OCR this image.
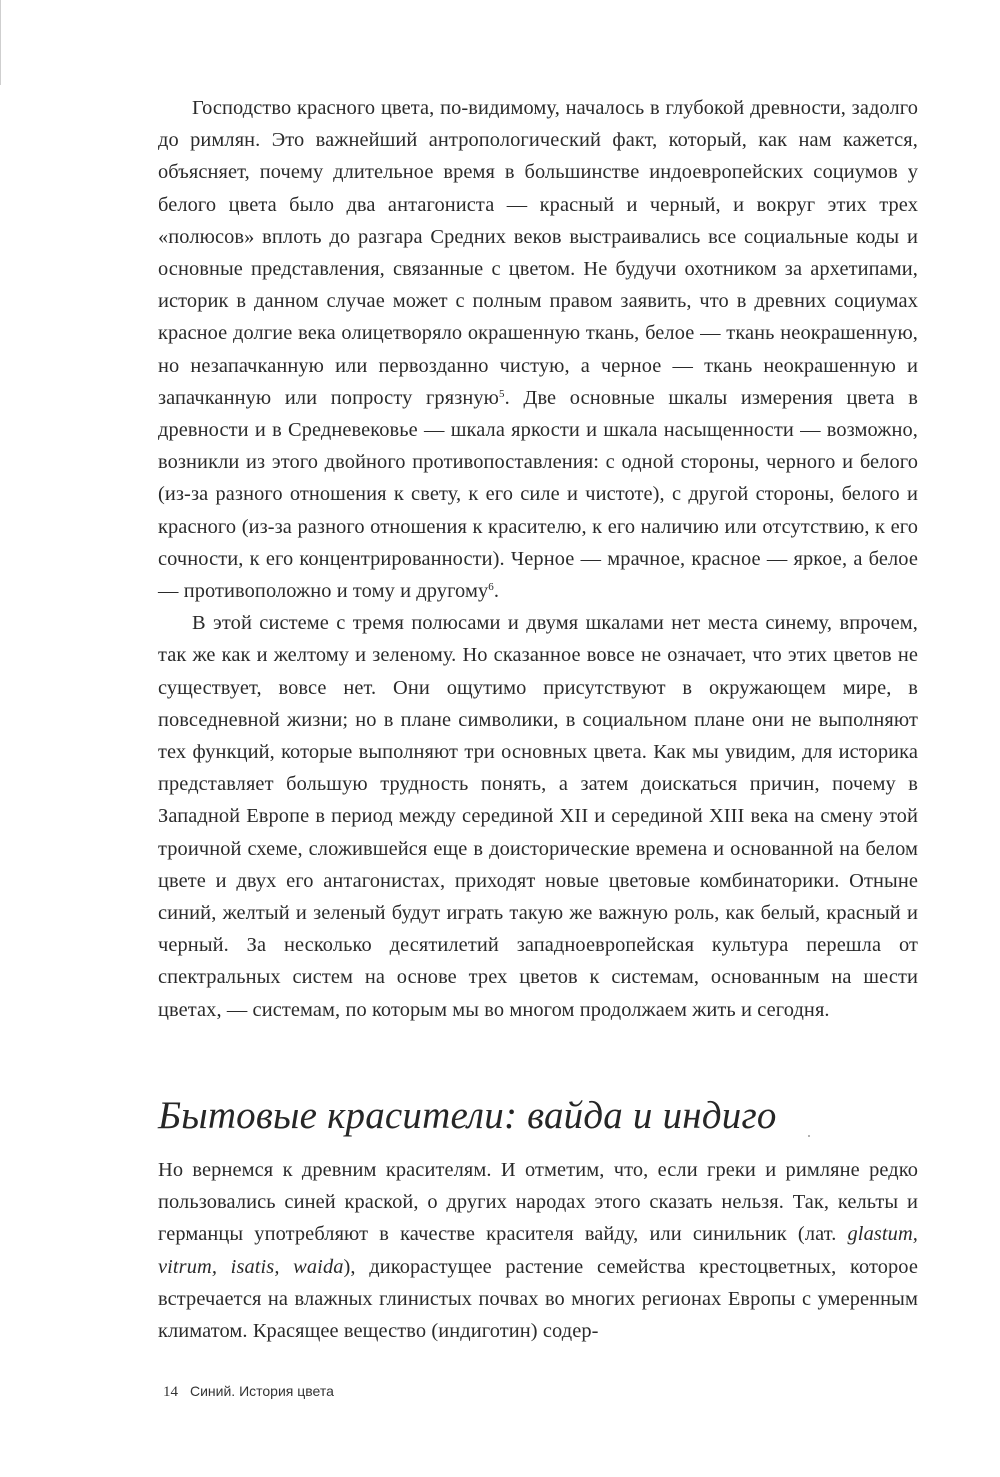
Господство красного цвета, по-видимому, началось в глубокой древности, задолго до римлян. Это важнейший антропологический факт, который, как нам кажется, объясняет, почему длительное время в большинстве индоевропейских социумов у белого цвета было два антагониста — красный и черный, и вокруг этих трех «полюсов» вплоть до разгара Средних веков выстраивались все социальные коды и основные представления, связанные с цветом. Не будучи охотником за архетипами, историк в данном случае может с полным правом заявить, что в древних социумах красное долгие века олицетворяло окрашенную ткань, белое — ткань неокрашенную, но незапачканную или первозданно чистую, а черное — ткань неокрашенную и запачканную или попросту грязную$^5$. Две основные шкалы измерения цвета в древности и в Средневековье — шкала яркости и шкала насыщенности — возможно, возникли из этого двойного противопоставления: с одной стороны, черного и белого (из-за разного отношения к свету, к его силе и чистоте), с другой стороны, белого и красного (из-за разного отношения к красителю, к его наличию или отсутствию, к его сочности, к его концентрированности). Черное — мрачное, красное — яркое, а белое — противоположно и тому и другому$^6$.

В этой системе с тремя полюсами и двумя шкалами нет места синему, впрочем, так же как и желтому и зеленому. Но сказанное вовсе не означает, что этих цветов не существует, вовсе нет. Они ощутимо присутствуют в окружающем мире, в повседневной жизни; но в плане символики, в социальном плане они не выполняют тех функций, которые выполняют три основных цвета. Как мы увидим, для историка представляет большую трудность понять, а затем доискаться причин, почему в Западной Европе в период между серединой XII и серединой XIII века на смену этой троичной схеме, сложившейся еще в доисторические времена и основанной на белом цвете и двух его антагонистах, приходят новые цветовые комбинаторики. Отныне синий, желтый и зеленый будут играть такую же важную роль, как белый, красный и черный. За несколько десятилетий западноевропейская культура перешла от спектральных систем на основе трех цветов к системам, основанным на шести цветах, — системам, по которым мы во многом продолжаем жить и сегодня.

Бытовые красители: вайда и индиго

Но вернемся к древним красителям. И отметим, что, если греки и римляне редко пользовались синей краской, о других народах этого сказать нельзя. Так, кельты и германцы употребляют в качестве красителя вайду, или синильник (лат. glastum, vitrum, isatis, waida), дикорастущее растение семейства крестоцветных, которое встречается на влажных глинистых почвах во многих регионах Европы с умеренным климатом. Красящее вещество (индиготин) содер-

14 Синий. История цвета
